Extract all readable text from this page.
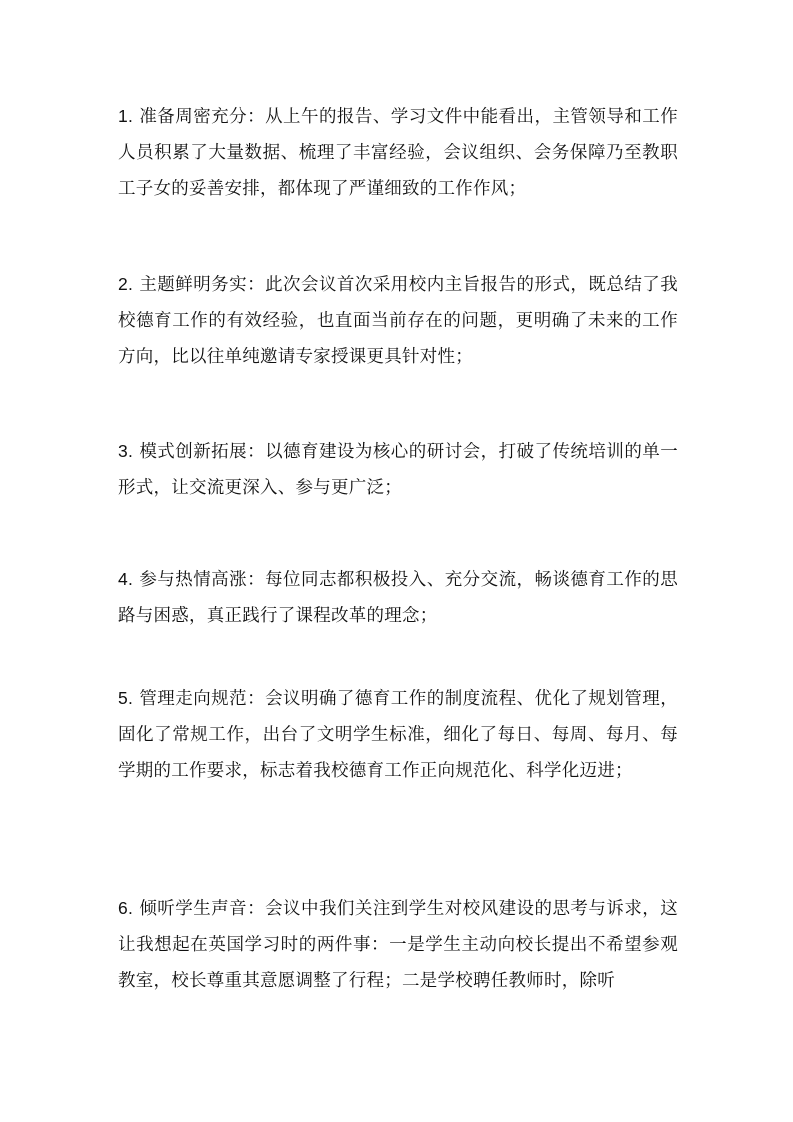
1. 准备周密充分：从上午的报告、学习文件中能看出，主管领导和工作人员积累了大量数据、梳理了丰富经验，会议组织、会务保障乃至教职工子女的妥善安排，都体现了严谨细致的工作作风；

2. 主题鲜明务实：此次会议首次采用校内主旨报告的形式，既总结了我校德育工作的有效经验，也直面当前存在的问题，更明确了未来的工作方向，比以往单纯邀请专家授课更具针对性；

3. 模式创新拓展：以德育建设为核心的研讨会，打破了传统培训的单一形式，让交流更深入、参与更广泛；

4. 参与热情高涨：每位同志都积极投入、充分交流，畅谈德育工作的思路与困惑，真正践行了课程改革的理念；

5. 管理走向规范：会议明确了德育工作的制度流程、优化了规划管理，固化了常规工作，出台了文明学生标准，细化了每日、每周、每月、每学期的工作要求，标志着我校德育工作正向规范化、科学化迈进；

6. 倾听学生声音：会议中我们关注到学生对校风建设的思考与诉求，这让我想起在英国学习时的两件事：一是学生主动向校长提出不希望参观教室，校长尊重其意愿调整了行程；二是学校聘任教师时，除听
